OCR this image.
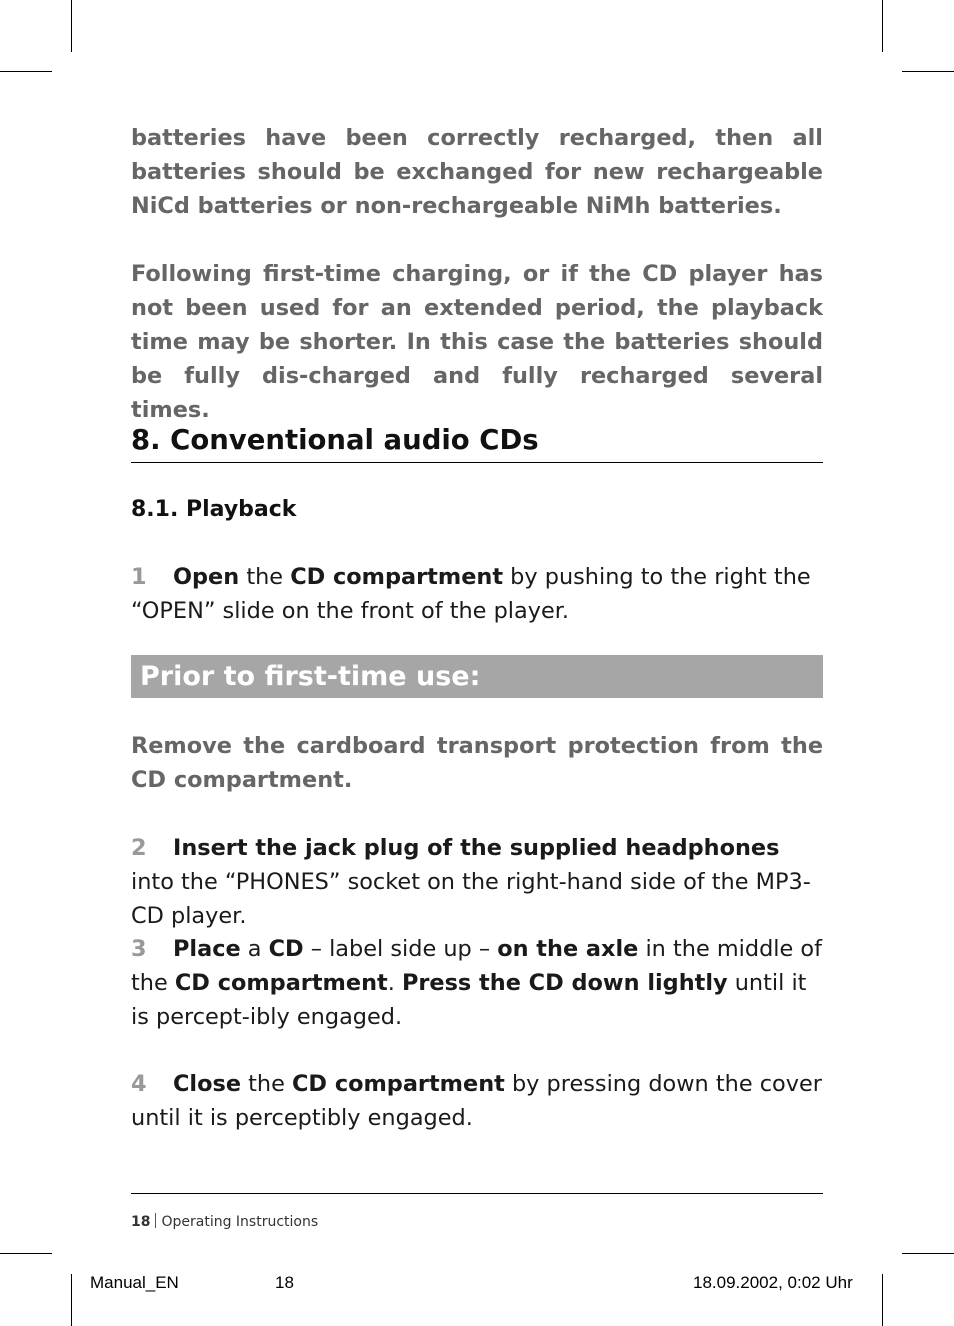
batteries have been correctly recharged, then all batteries should be exchanged for new rechargeable NiCd batteries or non-rechargeable NiMh batteries.

Following first-time charging, or if the CD player has not been used for an extended period, the playback time may be shorter. In this case the batteries should be fully dis-charged and fully recharged several times.

8. Conventional audio CDs
8.1. Playback

1 Open the CD compartment by pushing to the right the “OPEN” slide on the front of the player.

Prior to first-time use:

Remove the cardboard transport protection from the CD compartment.

2 Insert the jack plug of the supplied headphones into the “PHONES” socket on the right-hand side of the MP3-CD player.

3 Place a CD – label side up – on the axle in the middle of the CD compartment. Press the CD down lightly until it is percept-ibly engaged.

4 Close the CD compartment by pressing down the cover until it is perceptibly engaged.

18 Operating Instructions
Manual_EN	18	18.09.2002, 0:02 Uhr
